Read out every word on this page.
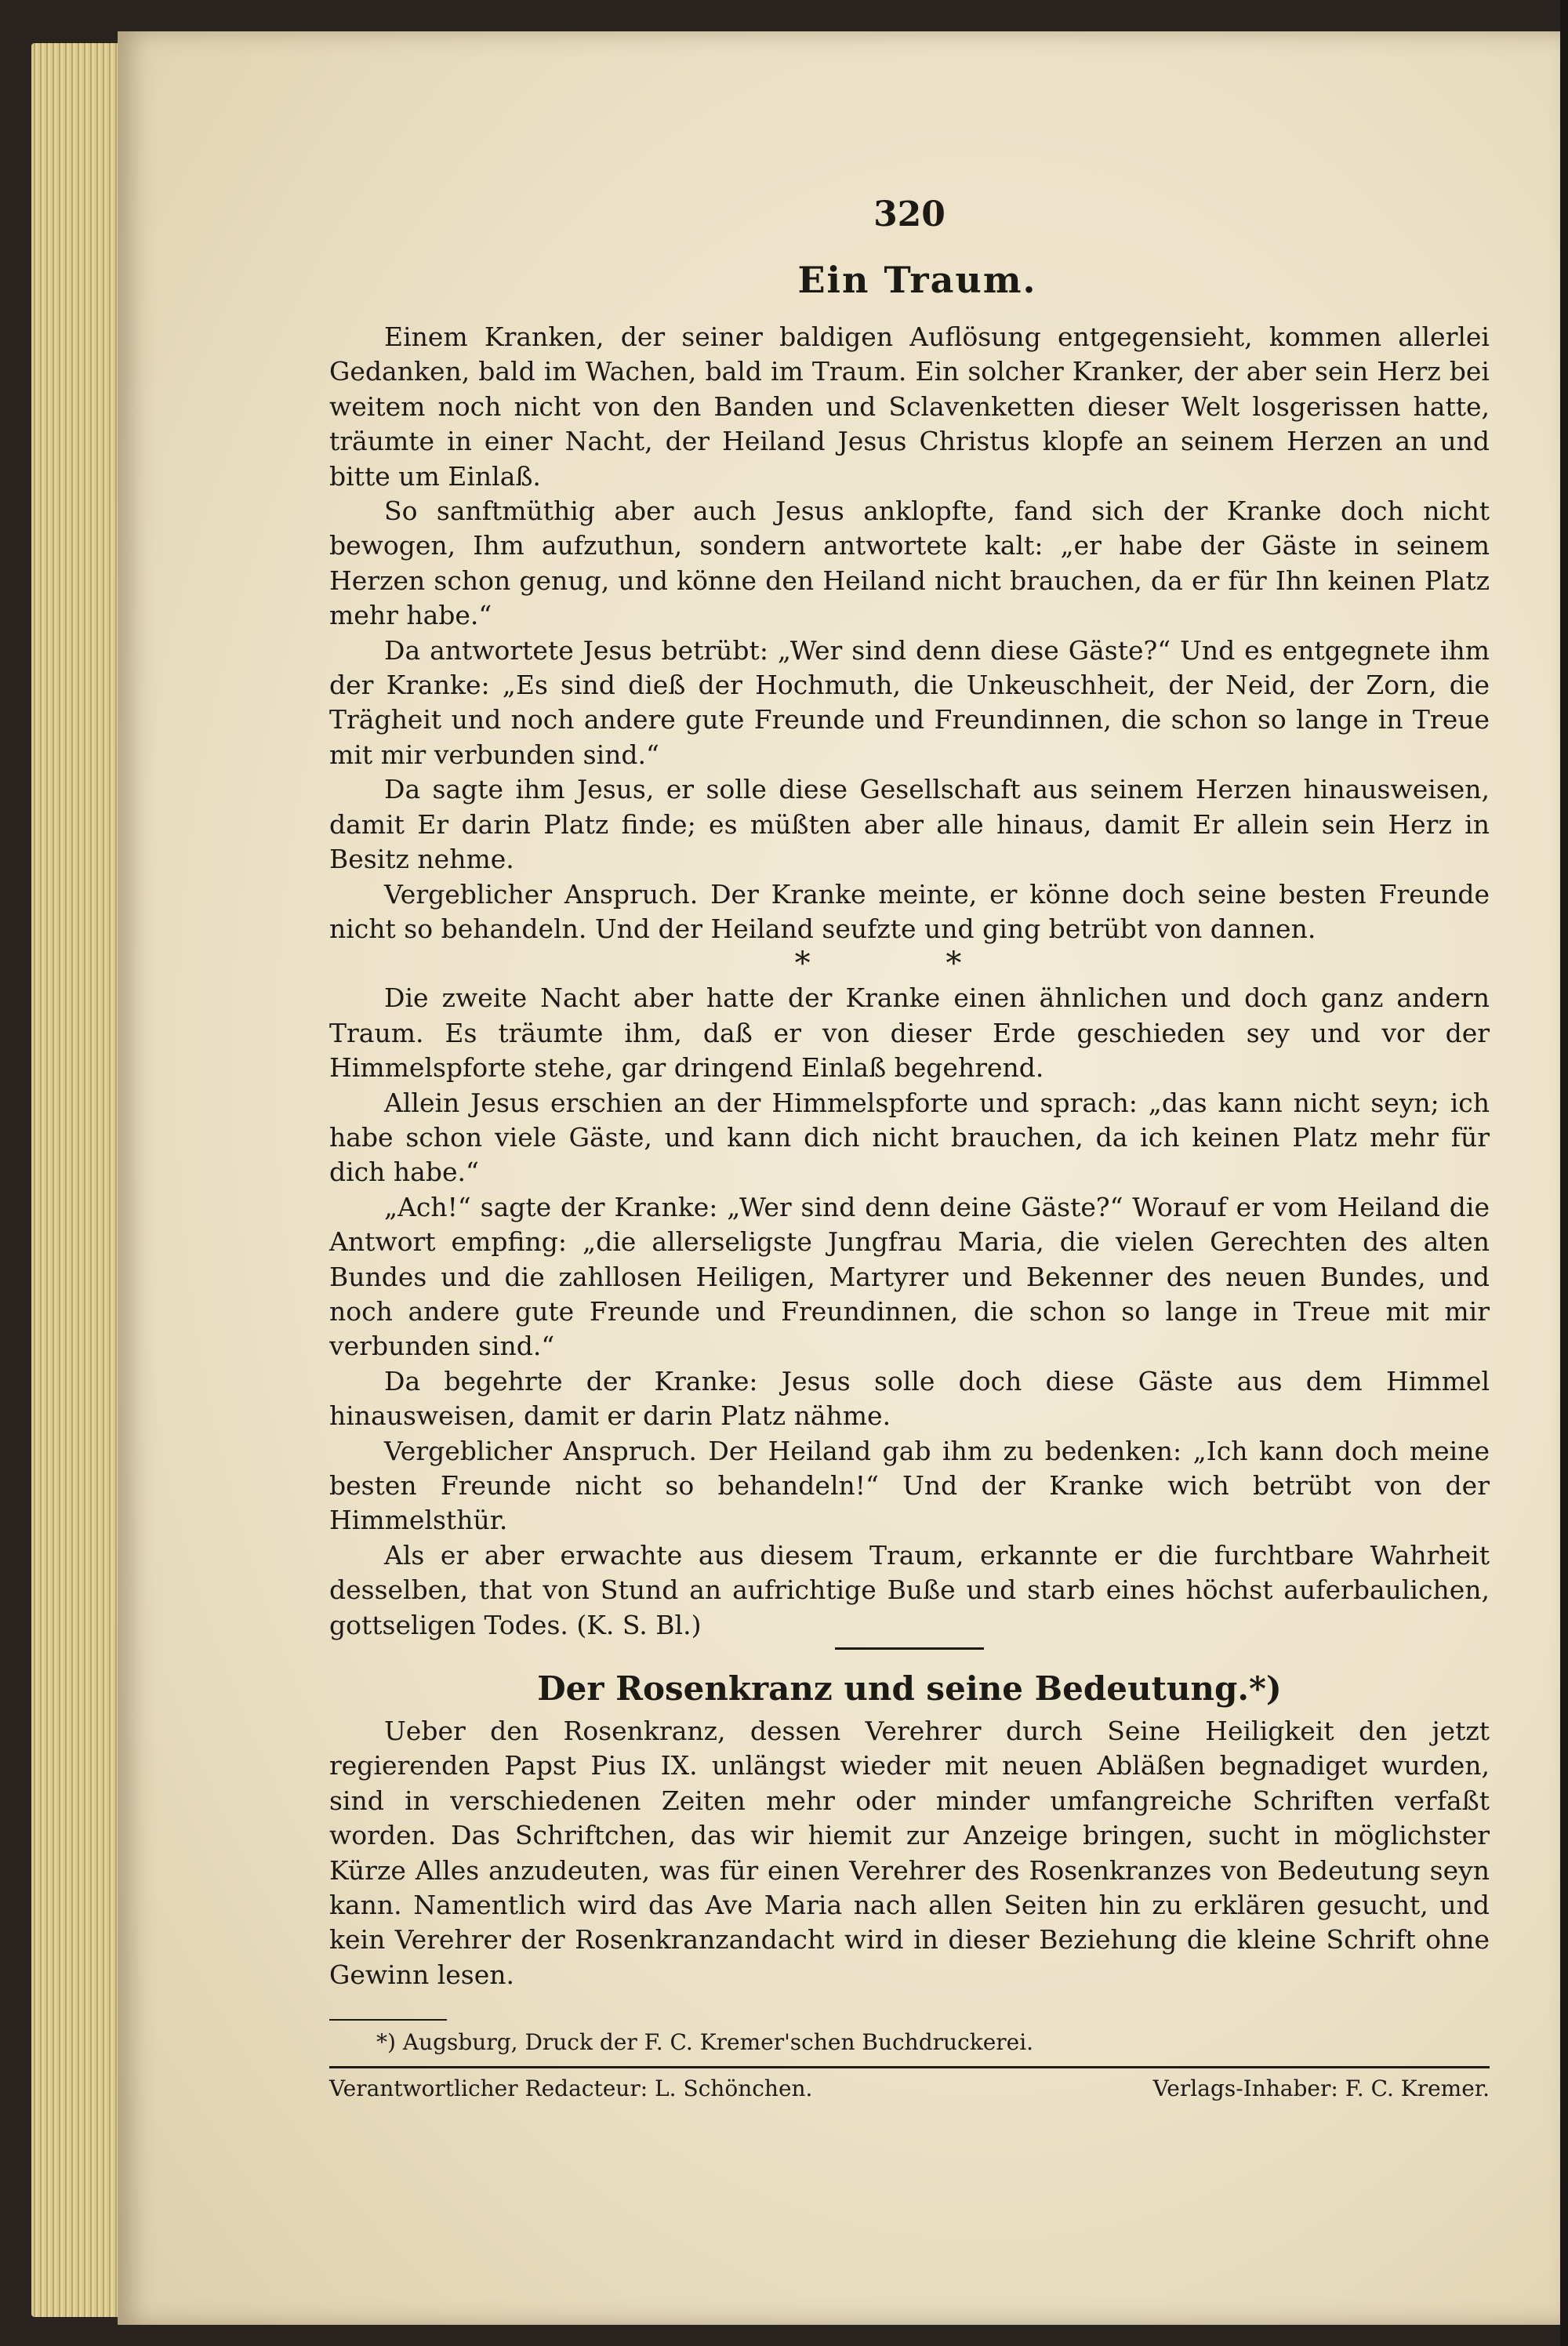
320
Ein Traum.

Einem Kranken, der seiner baldigen Auflösung entgegensieht, kommen allerlei Gedanken, bald im Wachen, bald im Traum. Ein solcher Kranker, der aber sein Herz bei weitem noch nicht von den Banden und Sclavenketten dieser Welt losgerissen hatte, träumte in einer Nacht, der Heiland Jesus Christus klopfe an seinem Herzen an und bitte um Einlaß.

So sanftmüthig aber auch Jesus anklopfte, fand sich der Kranke doch nicht bewogen, Ihm aufzuthun, sondern antwortete kalt: „er habe der Gäste in seinem Herzen schon genug, und könne den Heiland nicht brauchen, da er für Ihn keinen Platz mehr habe.“

Da antwortete Jesus betrübt: „Wer sind denn diese Gäste?“ Und es entgegnete ihm der Kranke: „Es sind dieß der Hochmuth, die Unkeuschheit, der Neid, der Zorn, die Trägheit und noch andere gute Freunde und Freundinnen, die schon so lange in Treue mit mir verbunden sind.“

Da sagte ihm Jesus, er solle diese Gesellschaft aus seinem Herzen hinausweisen, damit Er darin Platz finde; es müßten aber alle hinaus, damit Er allein sein Herz in Besitz nehme.

Vergeblicher Anspruch. Der Kranke meinte, er könne doch seine besten Freunde nicht so behandeln. Und der Heiland seufzte und ging betrübt von dannen.

* *

Die zweite Nacht aber hatte der Kranke einen ähnlichen und doch ganz andern Traum. Es träumte ihm, daß er von dieser Erde geschieden sey und vor der Himmelspforte stehe, gar dringend Einlaß begehrend.

Allein Jesus erschien an der Himmelspforte und sprach: „das kann nicht seyn; ich habe schon viele Gäste, und kann dich nicht brauchen, da ich keinen Platz mehr für dich habe.“

„Ach!“ sagte der Kranke: „Wer sind denn deine Gäste?“ Worauf er vom Heiland die Antwort empfing: „die allerseligste Jungfrau Maria, die vielen Gerechten des alten Bundes und die zahllosen Heiligen, Martyrer und Bekenner des neuen Bundes, und noch andere gute Freunde und Freundinnen, die schon so lange in Treue mit mir verbunden sind.“

Da begehrte der Kranke: Jesus solle doch diese Gäste aus dem Himmel hinausweisen, damit er darin Platz nähme.

Vergeblicher Anspruch. Der Heiland gab ihm zu bedenken: „Ich kann doch meine besten Freunde nicht so behandeln!“ Und der Kranke wich betrübt von der Himmelsthür.

Als er aber erwachte aus diesem Traum, erkannte er die furchtbare Wahrheit desselben, that von Stund an aufrichtige Buße und starb eines höchst auferbaulichen, gottseligen Todes. (K. S. Bl.)

Der Rosenkranz und seine Bedeutung.*)

Ueber den Rosenkranz, dessen Verehrer durch Seine Heiligkeit den jetzt regierenden Papst Pius IX. unlängst wieder mit neuen Abläßen begnadiget wurden, sind in verschiedenen Zeiten mehr oder minder umfangreiche Schriften verfaßt worden. Das Schriftchen, das wir hiemit zur Anzeige bringen, sucht in möglichster Kürze Alles anzudeuten, was für einen Verehrer des Rosenkranzes von Bedeutung seyn kann. Namentlich wird das Ave Maria nach allen Seiten hin zu erklären gesucht, und kein Verehrer der Rosenkranzandacht wird in dieser Beziehung die kleine Schrift ohne Gewinn lesen.

*) Augsburg, Druck der F. C. Kremer'schen Buchdruckerei.

Verantwortlicher Redacteur: L. Schönchen.	Verlags-Inhaber: F. C. Kremer.
